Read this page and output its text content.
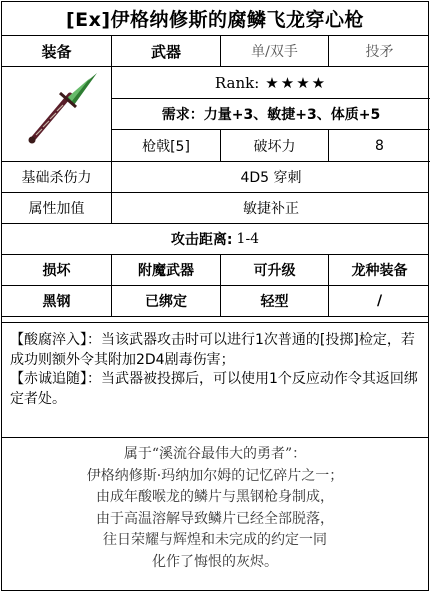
[Ex]伊格纳修斯的腐鳞飞龙穿心枪
装备	武器	单/双手	投矛
Rank: ★★★★
需求：力量+3、敏捷+3、体质+5
枪戟[5]	破坏力	8
基础杀伤力	4D5 穿刺
属性加值	敏捷补正
攻击距离: 1-4
损坏	附魔武器	可升级	龙种装备
黑钢	已绑定	轻型	/

【酸腐淬入】：当该武器攻击时可以进行1次普通的[投掷]检定，若成功则额外令其附加2D4剧毒伤害；

【赤诚追随】：当武器被投掷后，可以使用1个反应动作令其返回绑定者处。

属于“溪流谷最伟大的勇者”：

伊格纳修斯·玛纳加尔姆的记忆碎片之一；

由成年酸喉龙的鳞片与黑钢枪身制成，

由于高温溶解导致鳞片已经全部脱落，

往日荣耀与辉煌和未完成的约定一同

化作了悔恨的灰烬。
